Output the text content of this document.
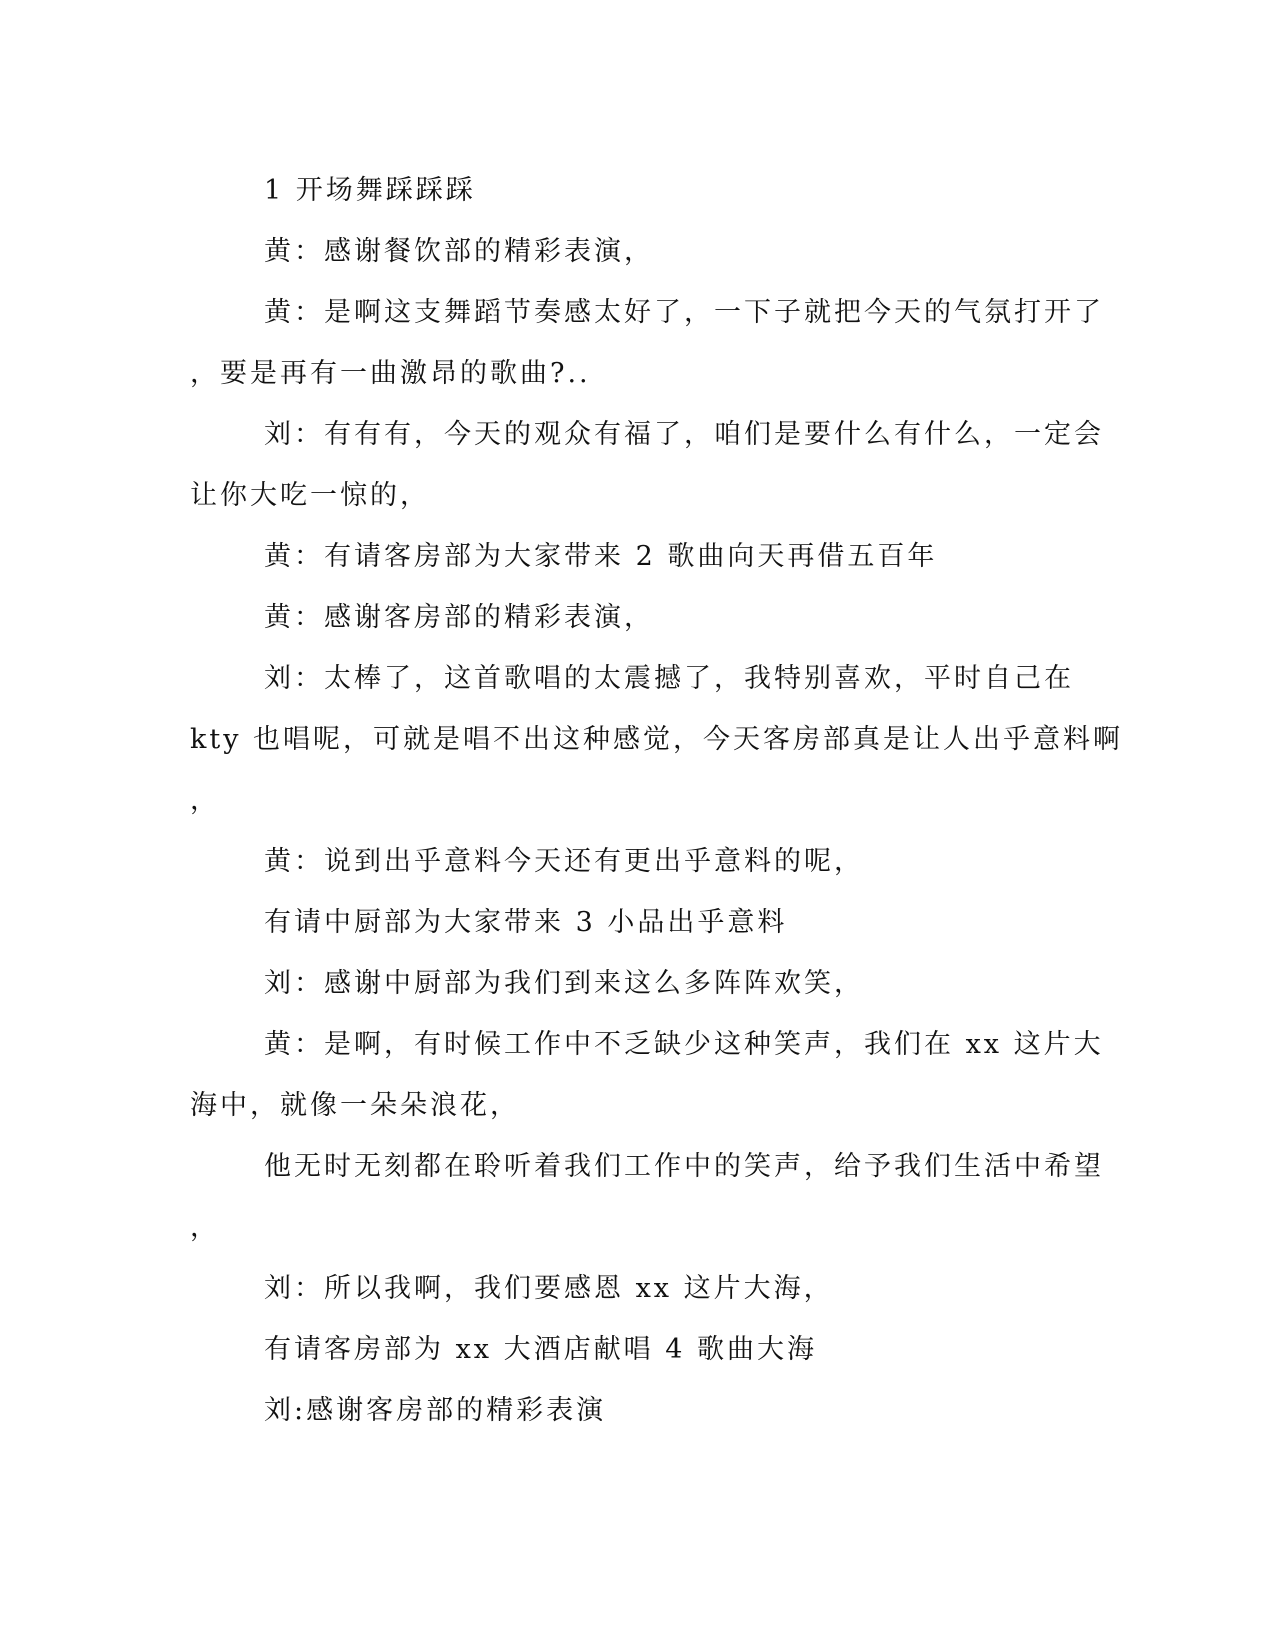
1 开场舞踩踩踩
黄：感谢餐饮部的精彩表演，
黄：是啊这支舞蹈节奏感太好了，一下子就把今天的气氛打开了
，要是再有一曲激昂的歌曲?..
刘：有有有，今天的观众有福了，咱们是要什么有什么，一定会
让你大吃一惊的，
黄：有请客房部为大家带来 2 歌曲向天再借五百年
黄：感谢客房部的精彩表演，
刘：太棒了，这首歌唱的太震撼了，我特别喜欢，平时自己在
kty 也唱呢，可就是唱不出这种感觉，今天客房部真是让人出乎意料啊
，
黄：说到出乎意料今天还有更出乎意料的呢，
有请中厨部为大家带来 3 小品出乎意料
刘：感谢中厨部为我们到来这么多阵阵欢笑，
黄：是啊，有时候工作中不乏缺少这种笑声，我们在 xx 这片大
海中，就像一朵朵浪花，
他无时无刻都在聆听着我们工作中的笑声，给予我们生活中希望
，
刘：所以我啊，我们要感恩 xx 这片大海，
有请客房部为 xx 大酒店献唱 4 歌曲大海
刘:感谢客房部的精彩表演
